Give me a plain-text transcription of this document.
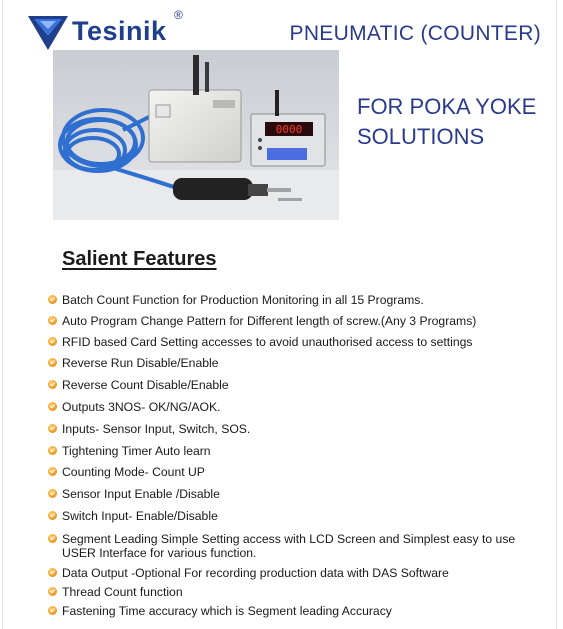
Tesinik
®
PNEUMATIC (COUNTER)
0000
FOR POKA YOKE
SOLUTIONS
Salient Features
Batch Count Function for Production Monitoring in all 15 Programs.
Auto Program Change Pattern for Different length of screw.(Any 3 Programs)
RFID based Card Setting accesses to avoid unauthorised access to settings
Reverse Run Disable/Enable
Reverse Count Disable/Enable
Outputs 3NOS- OK/NG/AOK.
Inputs- Sensor Input, Switch, SOS.
Tightening Timer Auto learn
Counting Mode- Count UP
Sensor Input Enable /Disable
Switch Input- Enable/Disable
Segment Leading Simple Setting access with LCD Screen and Simplest easy to use USER Interface for various function.
Data Output -Optional For recording production data with DAS Software
Thread Count function
Fastening Time accuracy which is Segment leading Accuracy
